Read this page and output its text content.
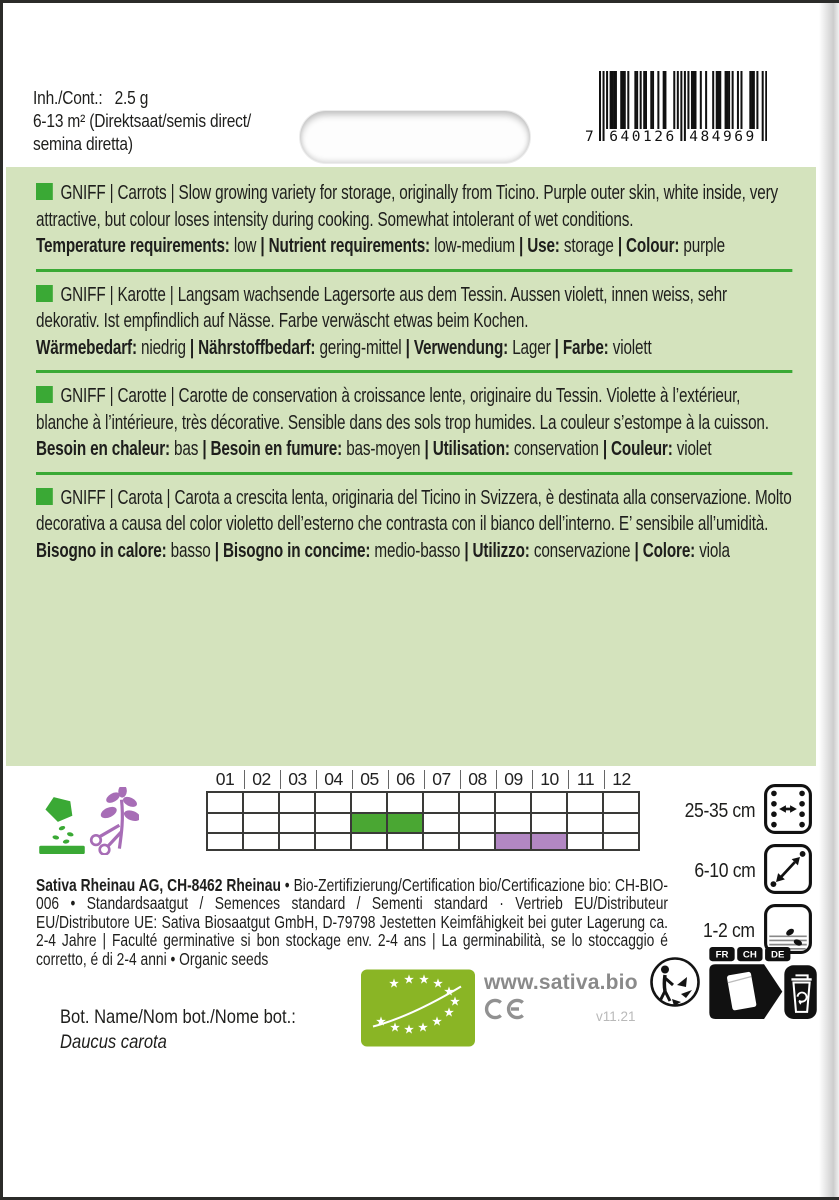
Inh./Cont.: 2.5 g
6-13 m² (Direktsaat/semis direct/
semina diretta)	7 640126 484969

GNIFF | Carrots | Slow growing variety for storage, originally from Ticino. Purple outer skin, white inside, very attractive, but colour loses intensity during cooking. Somewhat intolerant of wet conditions.

Temperature requirements: low | Nutrient requirements: low-medium | Use: storage | Colour: purple

GNIFF | Karotte | Langsam wachsende Lagersorte aus dem Tessin. Aussen violett, innen weiss, sehr dekorativ. Ist empfindlich auf Nässe. Farbe verwäscht etwas beim Kochen.

Wärmebedarf: niedrig | Nährstoffbedarf: gering-mittel | Verwendung: Lager | Farbe: violett

GNIFF | Carotte | Carotte de conservation à croissance lente, originaire du Tessin. Violette à l’extérieur, blanche à l’intérieure, très décorative. Sensible dans des sols trop humides. La couleur s’estompe à la cuisson.

Besoin en chaleur: bas | Besoin en fumure: bas-moyen | Utilisation: conservation | Couleur: violet

GNIFF | Carota | Carota a crescita lenta, originaria del Ticino in Svizzera, è destinata alla conservazione. Molto decorativa a causa del color violetto dell’esterno che contrasta con il bianco dell’interno. E’ sensibile all’umidità.

Bisogno in calore: basso | Bisogno in concime: medio-basso | Utilizzo: conservazione | Colore: viola

01	02	03	04	05	06	07	08	09	10	11	12
25-35 cm
6-10 cm
1-2 cm

Sativa Rheinau AG, CH-8462 Rheinau • Bio-Zertifizierung/Certification bio/Certificazione bio: CH-BIO-006 • Standardsaatgut / Semences standard / Sementi standard · Vertrieb EU/Distributeur EU/Distributore UE: Sativa Biosaatgut GmbH, D-79798 Jestetten Keimfähigkeit bei guter Lagerung ca. 2-4 Jahre | Faculté germinative si bon stockage env. 2-4 ans | La germinabilità, se lo stoccaggio é corretto, é di 2-4 anni • Organic seeds	FR CH DE
Bot. Name/Nom bot./Nome bot.:
Daucus carota
www.sativa.bio
v11.21
